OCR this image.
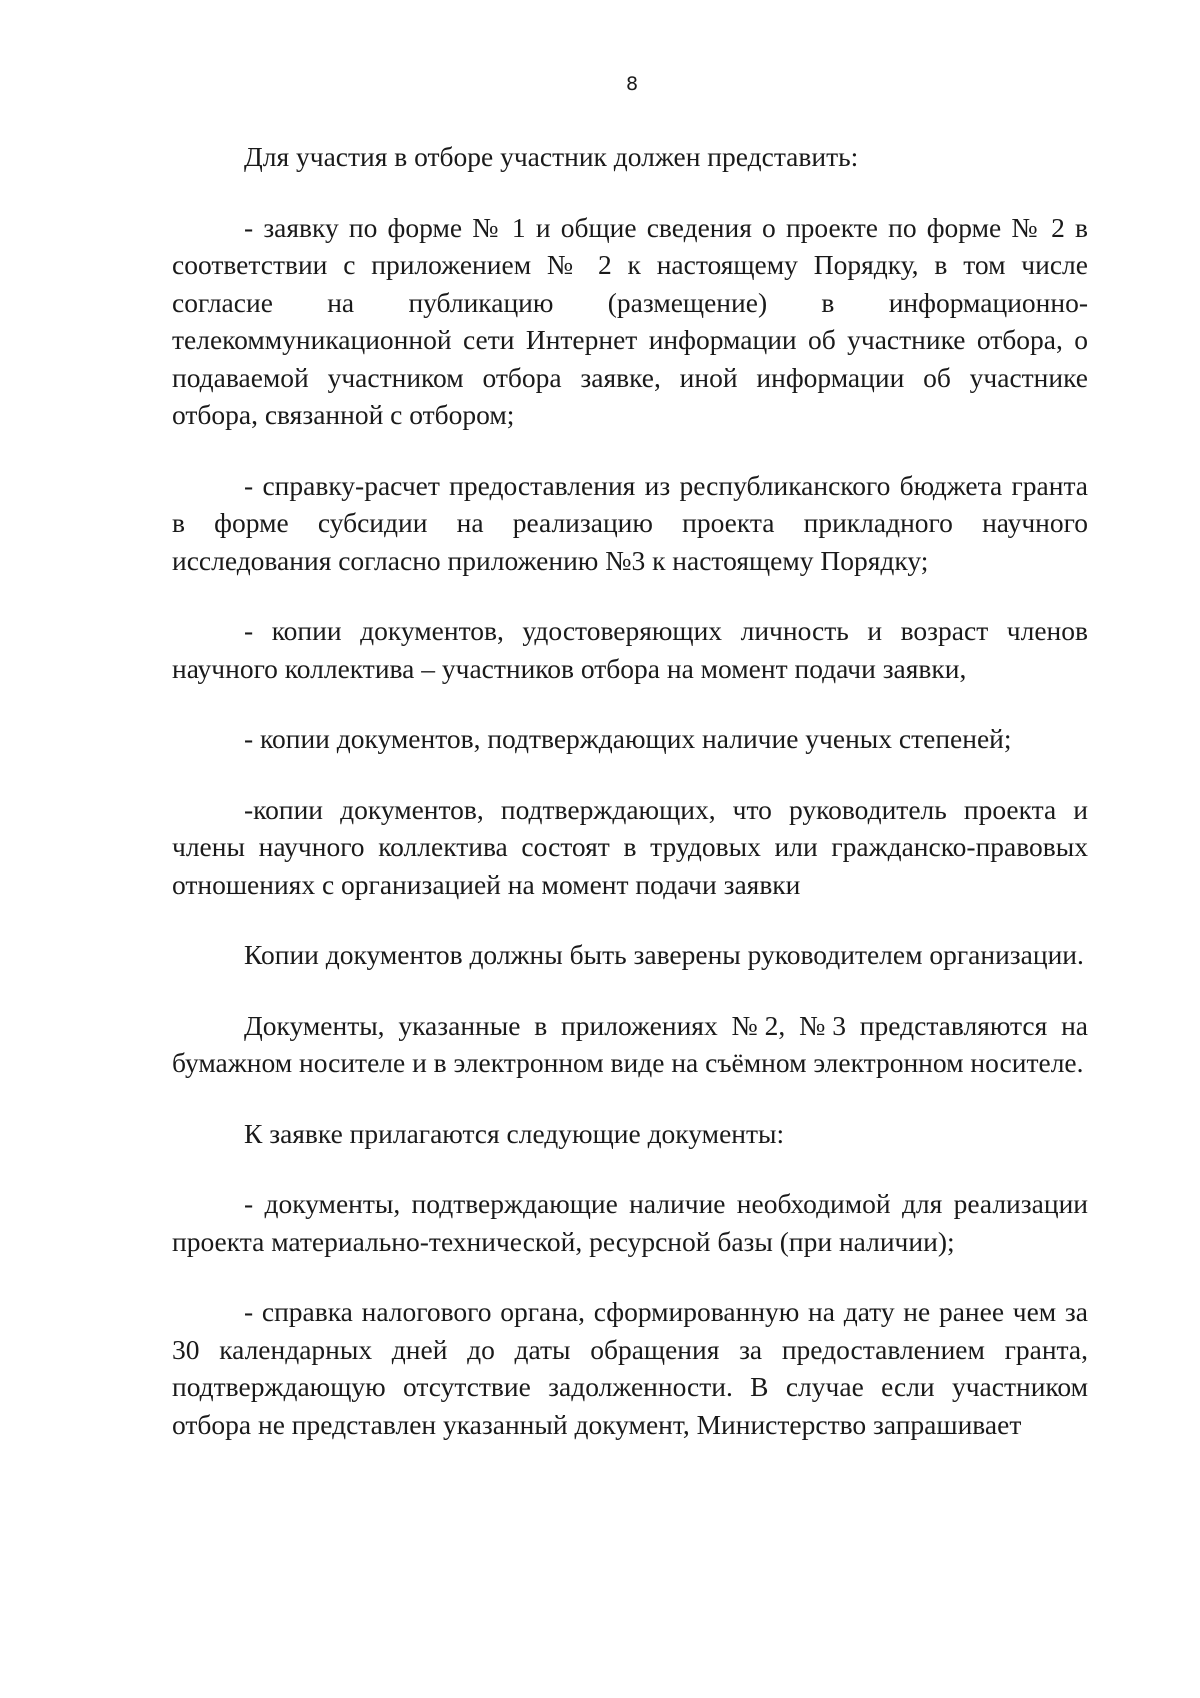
8

Для участия в отборе участник должен представить:

- заявку по форме № 1 и общие сведения о проекте по форме № 2 в соответствии с приложением № 2 к настоящему Порядку, в том числе согласие на публикацию (размещение) в информационно-телекоммуникационной сети Интернет информации об участнике отбора, о подаваемой участником отбора заявке, иной информации об участнике отбора, связанной с отбором;

- справку-расчет предоставления из республиканского бюджета гранта в форме субсидии на реализацию проекта прикладного научного исследования согласно приложению №3 к настоящему Порядку;

- копии документов, удостоверяющих личность и возраст членов научного коллектива – участников отбора на момент подачи заявки,

- копии документов, подтверждающих наличие ученых степеней;

-копии документов, подтверждающих, что руководитель проекта и члены научного коллектива состоят в трудовых или гражданско-правовых отношениях с организацией на момент подачи заявки

Копии документов должны быть заверены руководителем организации.

Документы, указанные в приложениях №2, №3 представляются на бумажном носителе и в электронном виде на съёмном электронном носителе.

К заявке прилагаются следующие документы:

- документы, подтверждающие наличие необходимой для реализации проекта материально-технической, ресурсной базы (при наличии);

- справка налогового органа, сформированную на дату не ранее чем за 30 календарных дней до даты обращения за предоставлением гранта, подтверждающую отсутствие задолженности. В случае если участником отбора не представлен указанный документ, Министерство запрашивает
